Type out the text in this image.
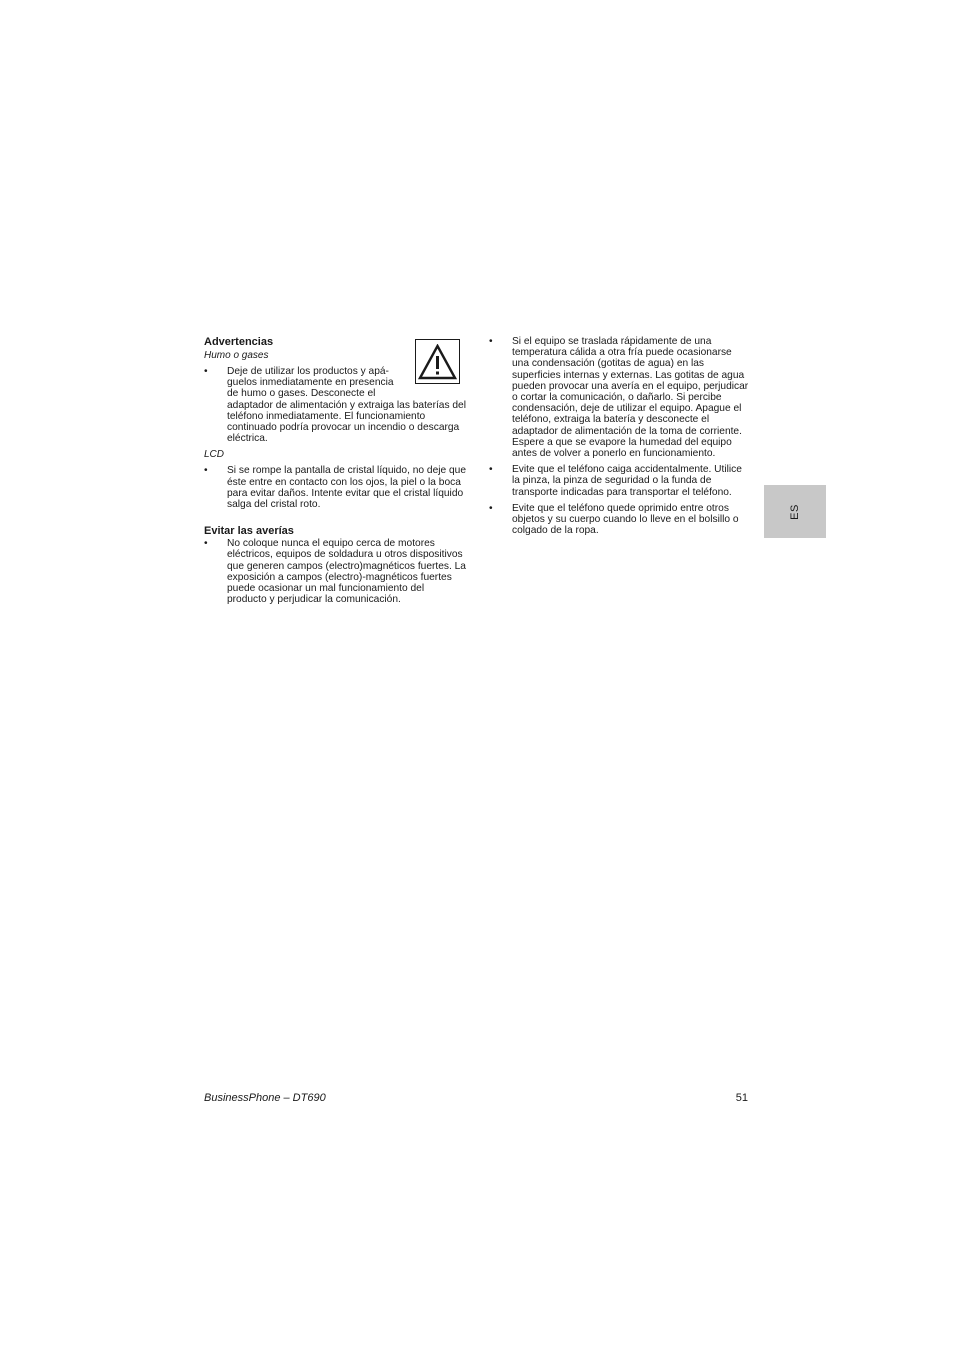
Advertencias

Humo o gases

• Deje de utilizar los productos y apá-
guelos inmediatamente en presencia
de humo o gases. Desconecte el
adaptador de alimentación y extraiga las baterías del teléfono inmediatamente. El funcionamiento continuado podría provocar un incendio o descarga eléctrica.

LCD

• Si se rompe la pantalla de cristal líquido, no deje que éste entre en contacto con los ojos, la piel o la boca para evitar daños. Intente evitar que el cristal líquido salga del cristal roto.

Evitar las averías

• No coloque nunca el equipo cerca de motores eléctricos, equipos de soldadura u otros dispositivos que generen campos (electro)magnéticos fuertes. La exposición a campos (electro)-magnéticos fuertes puede ocasionar un mal funcionamiento del producto y perjudicar la comunicación.
• Si el equipo se traslada rápidamente de una temperatura cálida a otra fría puede ocasionarse una condensación (gotitas de agua) en las superficies internas y externas. Las gotitas de agua pueden provocar una avería en el equipo, perjudicar o cortar la comunicación, o dañarlo. Si percibe condensación, deje de utilizar el equipo. Apague el teléfono, extraiga la batería y desconecte el adaptador de alimentación de la toma de corriente. Espere a que se evapore la humedad del equipo antes de volver a ponerlo en funcionamiento.
• Evite que el teléfono caiga accidentalmente. Utilice la pinza, la pinza de seguridad o la funda de transporte indicadas para transportar el teléfono.
• Evite que el teléfono quede oprimido entre otros objetos y su cuerpo cuando lo lleve en el bolsillo o colgado de la ropa.
ES
BusinessPhone – DT690	51
